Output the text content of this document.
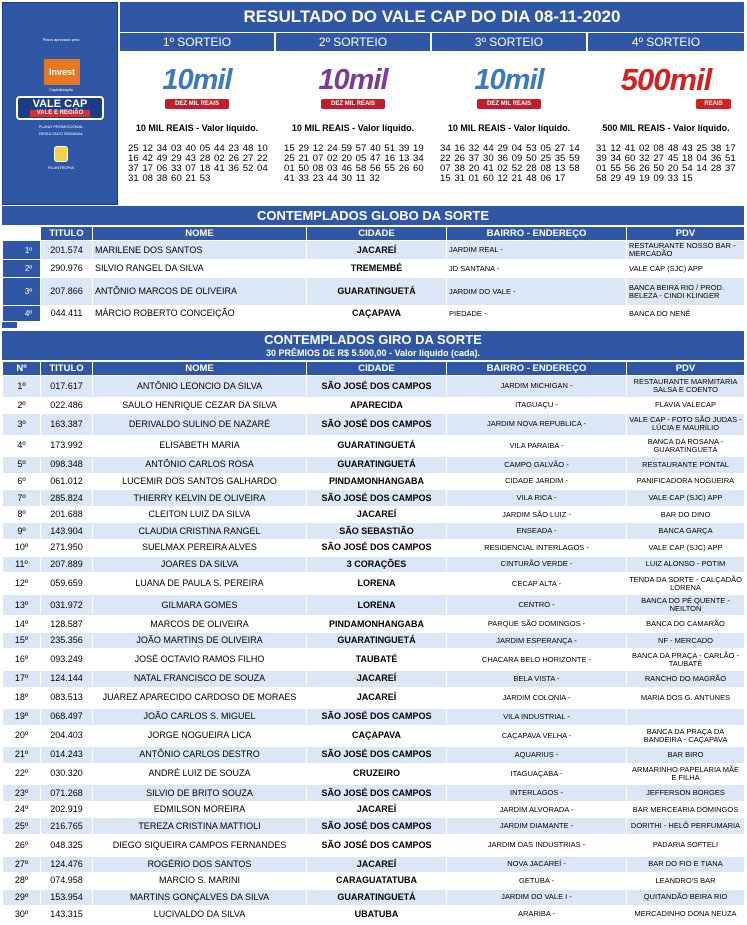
Plano aprovado pela
Invest
Capitalização
VALE CAP
VALE E REGIÃO
PLANO PROMOCIONAL
RESULTADO SEMANAL
FILANTROPIA
RESULTADO DO VALE CAP DO DIA 08-11-2020
1º SORTEIO
10mil
DEZ MIL REAIS
10 MIL REAIS - Valor líquido.
25 12 34 03 40 05 44 23 48 10 16 42 49 29 43 28 02 26 27 22 37 17 06 33 07 18 41 36 52 04 31 08 38 60 21 53
2º SORTEIO
10mil
DEZ MIL REAIS
10 MIL REAIS - Valor líquido.
15 29 12 24 59 57 40 51 39 19 25 21 07 02 20 05 47 16 13 34 01 50 08 03 46 58 56 55 26 60 41 33 23 44 30 11 32
3º SORTEIO
10mil
DEZ MIL REAIS
10 MIL REAIS - Valor líquido.
34 16 32 44 29 04 53 05 27 14 22 26 37 30 36 09 50 25 35 59 07 38 20 41 02 52 28 08 13 58 15 31 01 60 12 21 48 06 17
4º SORTEIO
500mil
REAIS
500 MIL REAIS - Valor líquido.
31 12 41 02 08 48 43 25 38 17 39 34 60 32 27 45 18 04 36 51 01 55 56 26 50 20 54 14 28 37 58 29 49 19 09 33 15
CONTEMPLADOS GLOBO DA SORTE
	TITULO	NOME	CIDADE	BAIRRO - ENDEREÇO	PDV
1º	201.574	MARILENE DOS SANTOS	JACAREÍ	JARDIM REAL -	RESTAURANTE NOSSO BAR - MERCADÃO
2º	290.976	SILVIO RANGEL DA SILVA	TREMEMBÉ	JD SANTANA -	VALE CAP (SJC) APP
3º	207.866	ANTÔNIO MARCOS DE OLIVEIRA	GUARATINGUETÁ	JARDIM DO VALE -	BANCA BEIRA RIO / PROD. BELEZA - CINDI KLINGER
4º	044.411	MÁRCIO ROBERTO CONCEIÇÃO	CAÇAPAVA	PIEDADE -	BANCA DO NENÊ
CONTEMPLADOS GIRO DA SORTE
30 PRÊMIOS DE R$ 5.500,00 - Valor líquido (cada).
Nº	TITULO	NOME	CIDADE	BAIRRO - ENDEREÇO	PDV
1º	017.617	ANTÔNIO LEONCIO DA SILVA	SÃO JOSÉ DOS CAMPOS	JARDIM MICHIGAN -	RESTAURANTE MARMITARIA SALSA E COENTO
2º	022.486	SAULO HENRIQUE CEZAR DA SILVA	APARECIDA	ITAGUAÇU -	FLAVIA VALECAP
3º	163.387	DERIVALDO SULINO DE NAZARÉ	SÃO JOSÉ DOS CAMPOS	JARDIM NOVA REPUBLICA -	VALE CAP - FOTO SÃO JUDAS - LÚCIA E MAURÍLIO
4º	173.992	ELISABETH MARIA	GUARATINGUETÁ	VILA PARAIBA -	BANCA DA ROSANA - GUARATINGUETÁ
5º	098.348	ANTÔNIO CARLOS ROSA	GUARATINGUETÁ	CAMPO GALVÃO -	RESTAURANTE PONTAL
6º	061.012	LUCEMIR DOS SANTOS GALHARDO	PINDAMONHANGABA	CIDADE JARDIM -	PANIFICADORA NOGUEIRA
7º	285.824	THIERRY KELVIN DE OLIVEIRA	SÃO JOSÉ DOS CAMPOS	VILA RICA -	VALE CAP (SJC) APP
8º	201.688	CLEITON LUIZ DA SILVA	JACAREÍ	JARDIM SÃO LUIZ -	BAR DO DINO
9º	143.904	CLAUDIA CRISTINA RANGEL	SÃO SEBASTIÃO	ENSEADA -	BANCA GARÇA
10º	271.950	SUELMAX PEREIRA ALVES	SÃO JOSÉ DOS CAMPOS	RESIDENCIAL INTERLAGOS -	VALE CAP (SJC) APP
11º	207.889	JOARES DA SILVA	3 CORAÇÕES	CINTURÃO VERDE -	LUIZ ALONSO - POTIM
12º	059.659	LUANA DE PAULA S. PEREIRA	LORENA	CECAP ALTA -	TENDA DA SORTE - CALÇADÃO LORENA
13º	031.972	GILMARA GOMES	LORENA	CENTRO -	BANCA DO PÉ QUENTE - NEILTON
14º	128.587	MARCOS DE OLIVEIRA	PINDAMONHANGABA	PARQUE SÃO DOMINGOS -	BANCA DO CAMARÃO
15º	235.356	JOÃO MARTINS DE OLIVEIRA	GUARATINGUETÁ	JARDIM ESPERANÇA -	NF - MERCADO
16º	093.249	JOSÉ OCTAVIO RAMOS FILHO	TAUBATÉ	CHACARA BELO HORIZONTE -	BANCA DA PRAÇA - CARLÃO - TAUBATÉ
17º	124.144	NATAL FRANCISCO DE SOUZA	JACAREÍ	BELA VISTA -	RANCHO DO MAGRÃO
18º	083.513	JUAREZ APARECIDO CARDOSO DE MORAES	JACAREÍ	JARDIM COLONIA -	MARIA DOS G. ANTUNES
19º	068.497	JOÃO CARLOS S. MIGUEL	SÃO JOSÉ DOS CAMPOS	VILA INDUSTRIAL -	
20º	204.403	JORGE NOGUEIRA LICA	CAÇAPAVA	CAÇAPAVA VELHA -	BANCA DA PRAÇA DA BANDEIRA - CAÇAPAVA
21º	014.243	ANTÔNIO CARLOS DESTRO	SÃO JOSÉ DOS CAMPOS	AQUARIUS -	BAR BIRO
22º	030.320	ANDRÉ LUIZ DE SOUZA	CRUZEIRO	ITAGUAÇABA -	ARMARINHO PAPELARIA MÃE E FILHA
23º	071.268	SILVIO DE BRITO SOUZA	SÃO JOSÉ DOS CAMPOS	INTERLAGOS -	JEFFERSON BORGES
24º	202.919	EDMILSON MOREIRA	JACAREÍ	JARDIM ALVORADA -	BAR MERCEARIA DOMINGOS
25º	216.765	TEREZA CRISTINA MATTIOLI	SÃO JOSÉ DOS CAMPOS	JARDIM DIAMANTE -	DORITHI - HELÔ PERFUMARIA
26º	048.325	DIEGO SIQUEIRA CAMPOS FERNANDES	SÃO JOSÉ DOS CAMPOS	JARDIM DAS INDUSTRIAS -	PADARIA SOFTELI
27º	124.476	ROGÉRIO DOS SANTOS	JACAREÍ	NOVA JACAREÍ -	BAR DO FIO E TIANA
28º	074.958	MARCIO S. MARINI	CARAGUATATUBA	GETUBA -	LEANDRO'S BAR
29º	153.954	MARTINS GONÇALVES DA SILVA	GUARATINGUETÁ	JARDIM DO VALE I -	QUITANDÃO BEIRA RIO
30º	143.315	LUCIVALDO DA SILVA	UBATUBA	ARARIBA -	MERCADINHO DONA NEUZA
